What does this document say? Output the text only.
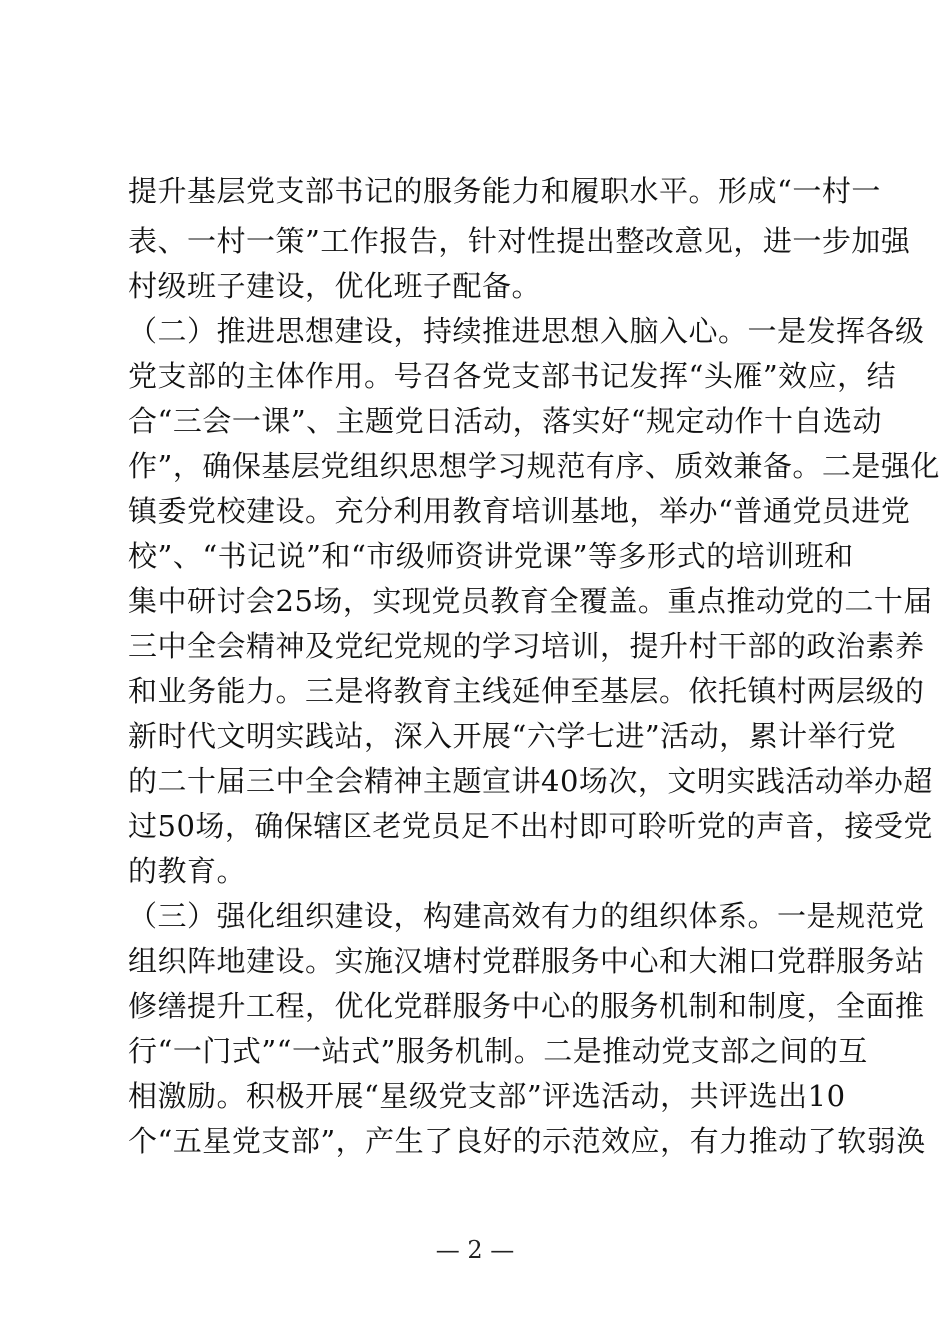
提升基层党支部书记的服务能力和履职水平。形成“一村一
表、一村一策”工作报告，针对性提出整改意见，进一步加强
村级班子建设，优化班子配备。
（二）推进思想建设，持续推进思想入脑入心。一是发挥各级
党支部的主体作用。号召各党支部书记发挥“头雁”效应，结
合“三会一课”、主题党日活动，落实好“规定动作十自选动
作”，确保基层党组织思想学习规范有序、质效兼备。二是强化
镇委党校建设。充分利用教育培训基地，举办“普通党员进党
校”、“书记说”和“市级师资讲党课”等多形式的培训班和
集中研讨会25场，实现党员教育全覆盖。重点推动党的二十届
三中全会精神及党纪党规的学习培训，提升村干部的政治素养
和业务能力。三是将教育主线延伸至基层。依托镇村两层级的
新时代文明实践站，深入开展“六学七进”活动，累计举行党
的二十届三中全会精神主题宣讲40场次，文明实践活动举办超
过50场，确保辖区老党员足不出村即可聆听党的声音，接受党
的教育。
（三）强化组织建设，构建高效有力的组织体系。一是规范党
组织阵地建设。实施汉塘村党群服务中心和大湘口党群服务站
修缮提升工程，优化党群服务中心的服务机制和制度，全面推
行“一门式”“一站式”服务机制。二是推动党支部之间的互
相激励。积极开展“星级党支部”评选活动，共评选出10
个“五星党支部”，产生了良好的示范效应，有力推动了软弱涣
— 2 —
